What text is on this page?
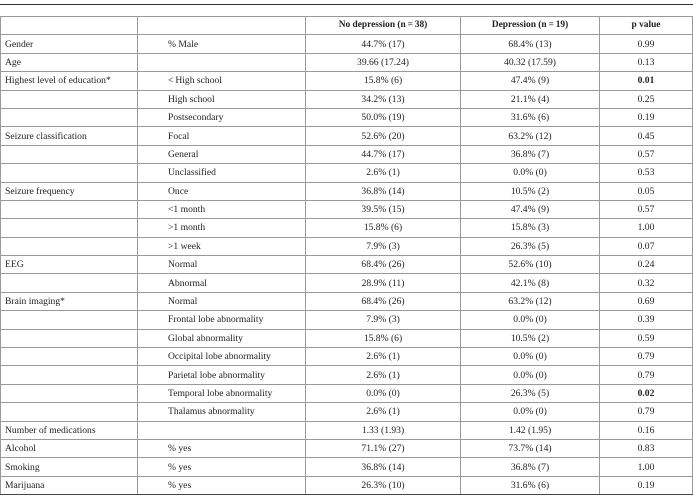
		No depression (n = 38)	Depression (n = 19)	p value
Gender	% Male	44.7% (17)	68.4% (13)	0.99
Age		39.66 (17.24)	40.32 (17.59)	0.13
Highest level of education*	< High school	15.8% (6)	47.4% (9)	0.01
	High school	34.2% (13)	21.1% (4)	0.25
	Postsecondary	50.0% (19)	31.6% (6)	0.19
Seizure classification	Focal	52.6% (20)	63.2% (12)	0.45
	General	44.7% (17)	36.8% (7)	0.57
	Unclassified	2.6% (1)	0.0% (0)	0.53
Seizure frequency	Once	36.8% (14)	10.5% (2)	0.05
	<1 month	39.5% (15)	47.4% (9)	0.57
	>1 month	15.8% (6)	15.8% (3)	1.00
	>1 week	7.9% (3)	26.3% (5)	0.07
EEG	Normal	68.4% (26)	52.6% (10)	0.24
	Abnormal	28.9% (11)	42.1% (8)	0.32
Brain imaging*	Normal	68.4% (26)	63.2% (12)	0.69
	Frontal lobe abnormality	7.9% (3)	0.0% (0)	0.39
	Global abnormality	15.8% (6)	10.5% (2)	0.59
	Occipital lobe abnormality	2.6% (1)	0.0% (0)	0.79
	Parietal lobe abnormality	2.6% (1)	0.0% (0)	0.79
	Temporal lobe abnormality	0.0% (0)	26.3% (5)	0.02
	Thalamus abnormality	2.6% (1)	0.0% (0)	0.79
Number of medications		1.33 (1.93)	1.42 (1.95)	0.16
Alcohol	% yes	71.1% (27)	73.7% (14)	0.83
Smoking	% yes	36.8% (14)	36.8% (7)	1.00
Marijuana	% yes	26.3% (10)	31.6% (6)	0.19
